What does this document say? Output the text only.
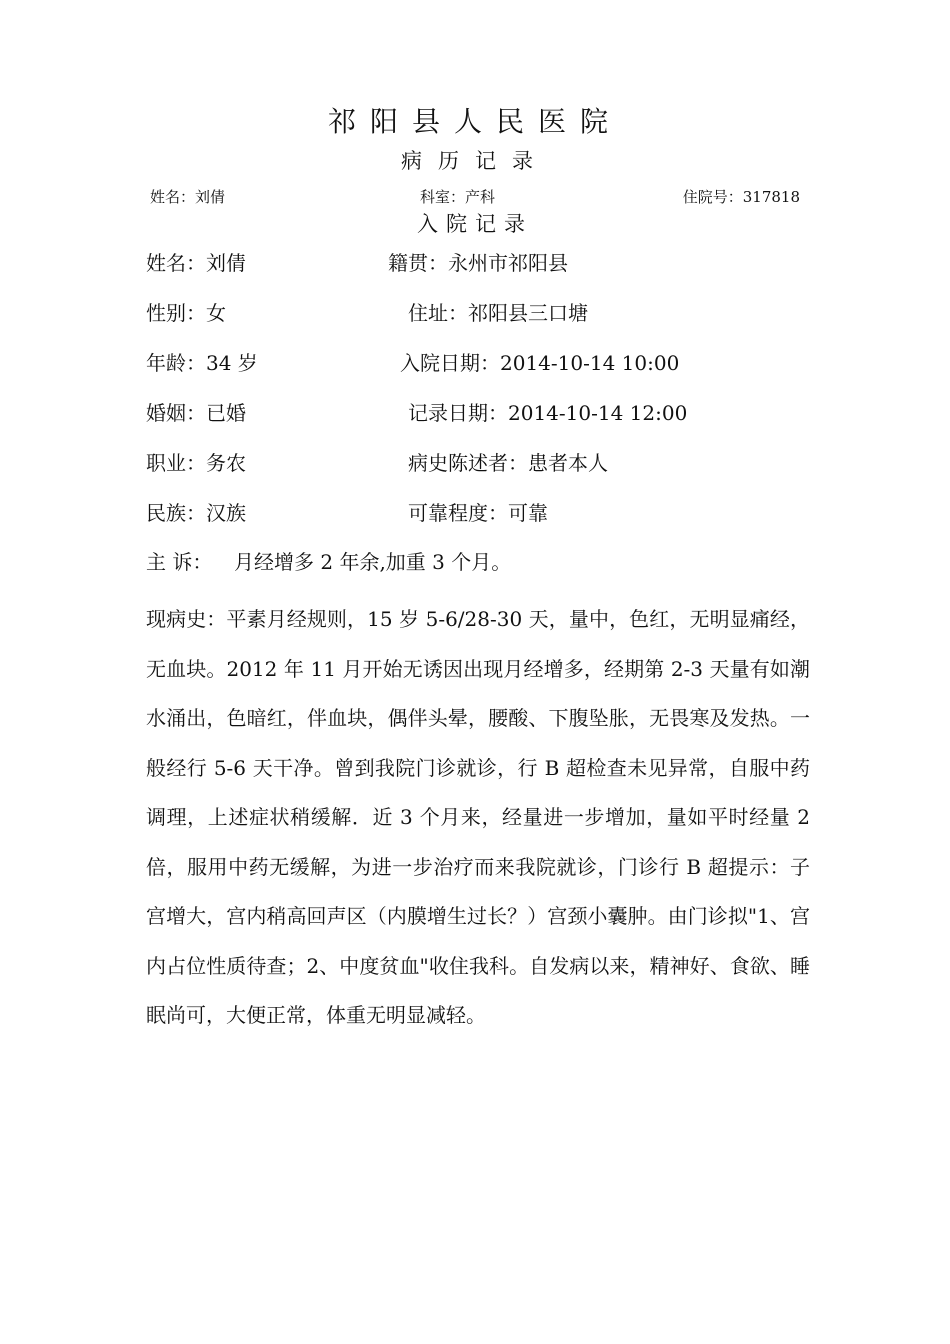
祁阳县人民医院
病历记录
姓名：刘倩	科室：产科	住院号：317818
入院记录
姓名：刘倩	籍贯：永州市祁阳县
性别：女	住址：祁阳县三口塘
年龄：34 岁	入院日期：2014-10-14 10:00
婚姻：已婚	记录日期：2014-10-14 12:00
职业：务农	病史陈述者：患者本人
民族：汉族	可靠程度：可靠
主 诉： 月经增多 2 年余,加重 3 个月。
现病史：平素月经规则，15 岁 5-6/28-30 天，量中，色红，无明显痛经，无血块。2012 年 11 月开始无诱因出现月经增多，经期第 2-3 天量有如潮水涌出，色暗红，伴血块，偶伴头晕，腰酸、下腹坠胀，无畏寒及发热。一般经行 5-6 天干净。曾到我院门诊就诊，行 B 超检查未见异常，自服中药调理，上述症状稍缓解．近 3 个月来，经量进一步增加，量如平时经量 2 倍，服用中药无缓解，为进一步治疗而来我院就诊，门诊行 B 超提示：子宫增大，宫内稍高回声区（内膜增生过长？）宫颈小囊肿。由门诊拟"1、宫内占位性质待查；2、中度贫血"收住我科。自发病以来，精神好、食欲、睡眠尚可，大便正常，体重无明显减轻。
